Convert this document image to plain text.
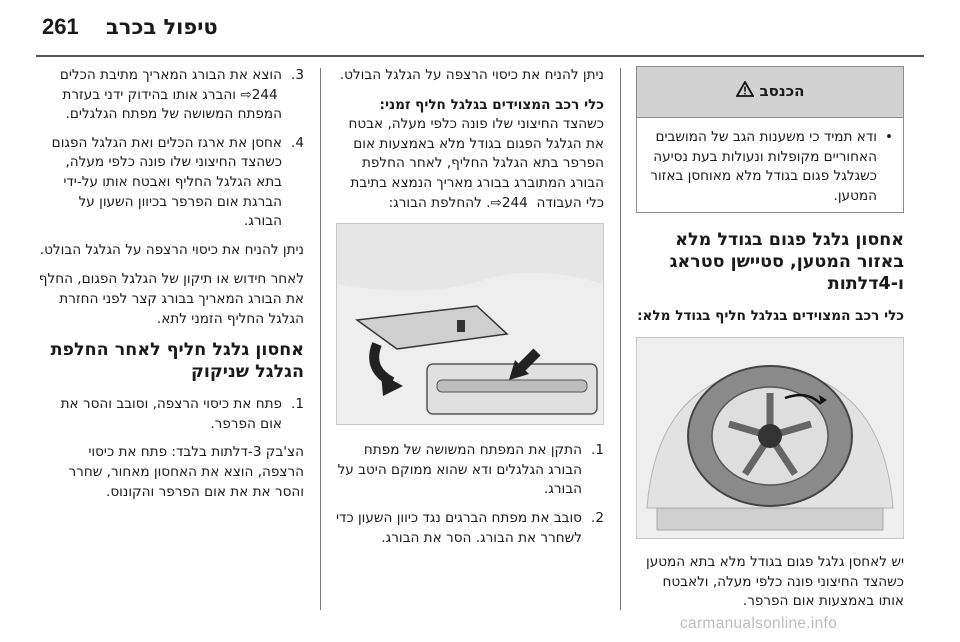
261 טיפול בכרב
הכנסב
• ודא תמיד כי משענות הגב של המושבים האחוריים מקופלות ונעולות בעת נסיעה כשגלגל פגום בגודל מלא מאוחסן באזור המטען.
אחסון גלגל פגום בגודל מלא באזור המטען, סטיישן סטראג ו-4דלתות

כלי רכב המצוידים בגלגל חליף בגודל מלא:

יש לאחסן גלגל פגום בגודל מלא בתא המטען כשהצד החיצוני פונה כלפי מעלה, ולאבטח אותו באמצעות אום הפרפר.

ניתן להניח את כיסוי הרצפה על הגלגל הבולט.

כלי רכב המצוידים בגלגל חליף זמני: כשהצד החיצוני שלו פונה כלפי מעלה, אבטח את הגלגל הפגום בגודל מלא באמצעות אום הפרפר בתא הגלגל החליף, לאחר החלפת הבורג המתוברג בבורג מאריך הנמצא בתיבת כלי העבודה ‎244 ‎⇨. להחלפת הבורג:

1.
התקן את המפתח המשושה של מפתח הבורג הגלגלים ודא שהוא ממוקם היטב על הבורג.
2.
סובב את מפתח הברגים נגד כיוון השעון כדי לשחרר את הבורג. הסר את הבורג.
3.
הוצא את הבורג המאריך מתיבת הכלים ‎244 ‎⇨ והברג אותו בהידוק ידני בעזרת המפתח המשושה של מפתח הגלגלים.
4.
אחסן את ארגז הכלים ואת הגלגל הפגום כשהצד החיצוני שלו פונה כלפי מעלה, בתא הגלגל החליף ואבטח אותו על-ידי הברגת אום הפרפר בכיוון השעון על הבורג.

ניתן להניח את כיסוי הרצפה על הגלגל הבולט.

לאחר חידוש או תיקון של הגלגל הפגום, החלף את הבורג המאריך בבורג קצר לפני החזרת הגלגל החליף הזמני לתא.

אחסון גלגל חליף לאחר החלפת הגלגל שניקוק
1.
פתח את כיסוי הרצפה, וסובב והסר את אום הפרפר.

הצ'בק 3-דלתות בלבד: פתח את כיסוי הרצפה, הוצא את האחסון מאחור, שחרר והסר את את אום הפרפר והקונוס.

carmanualsonline.info
